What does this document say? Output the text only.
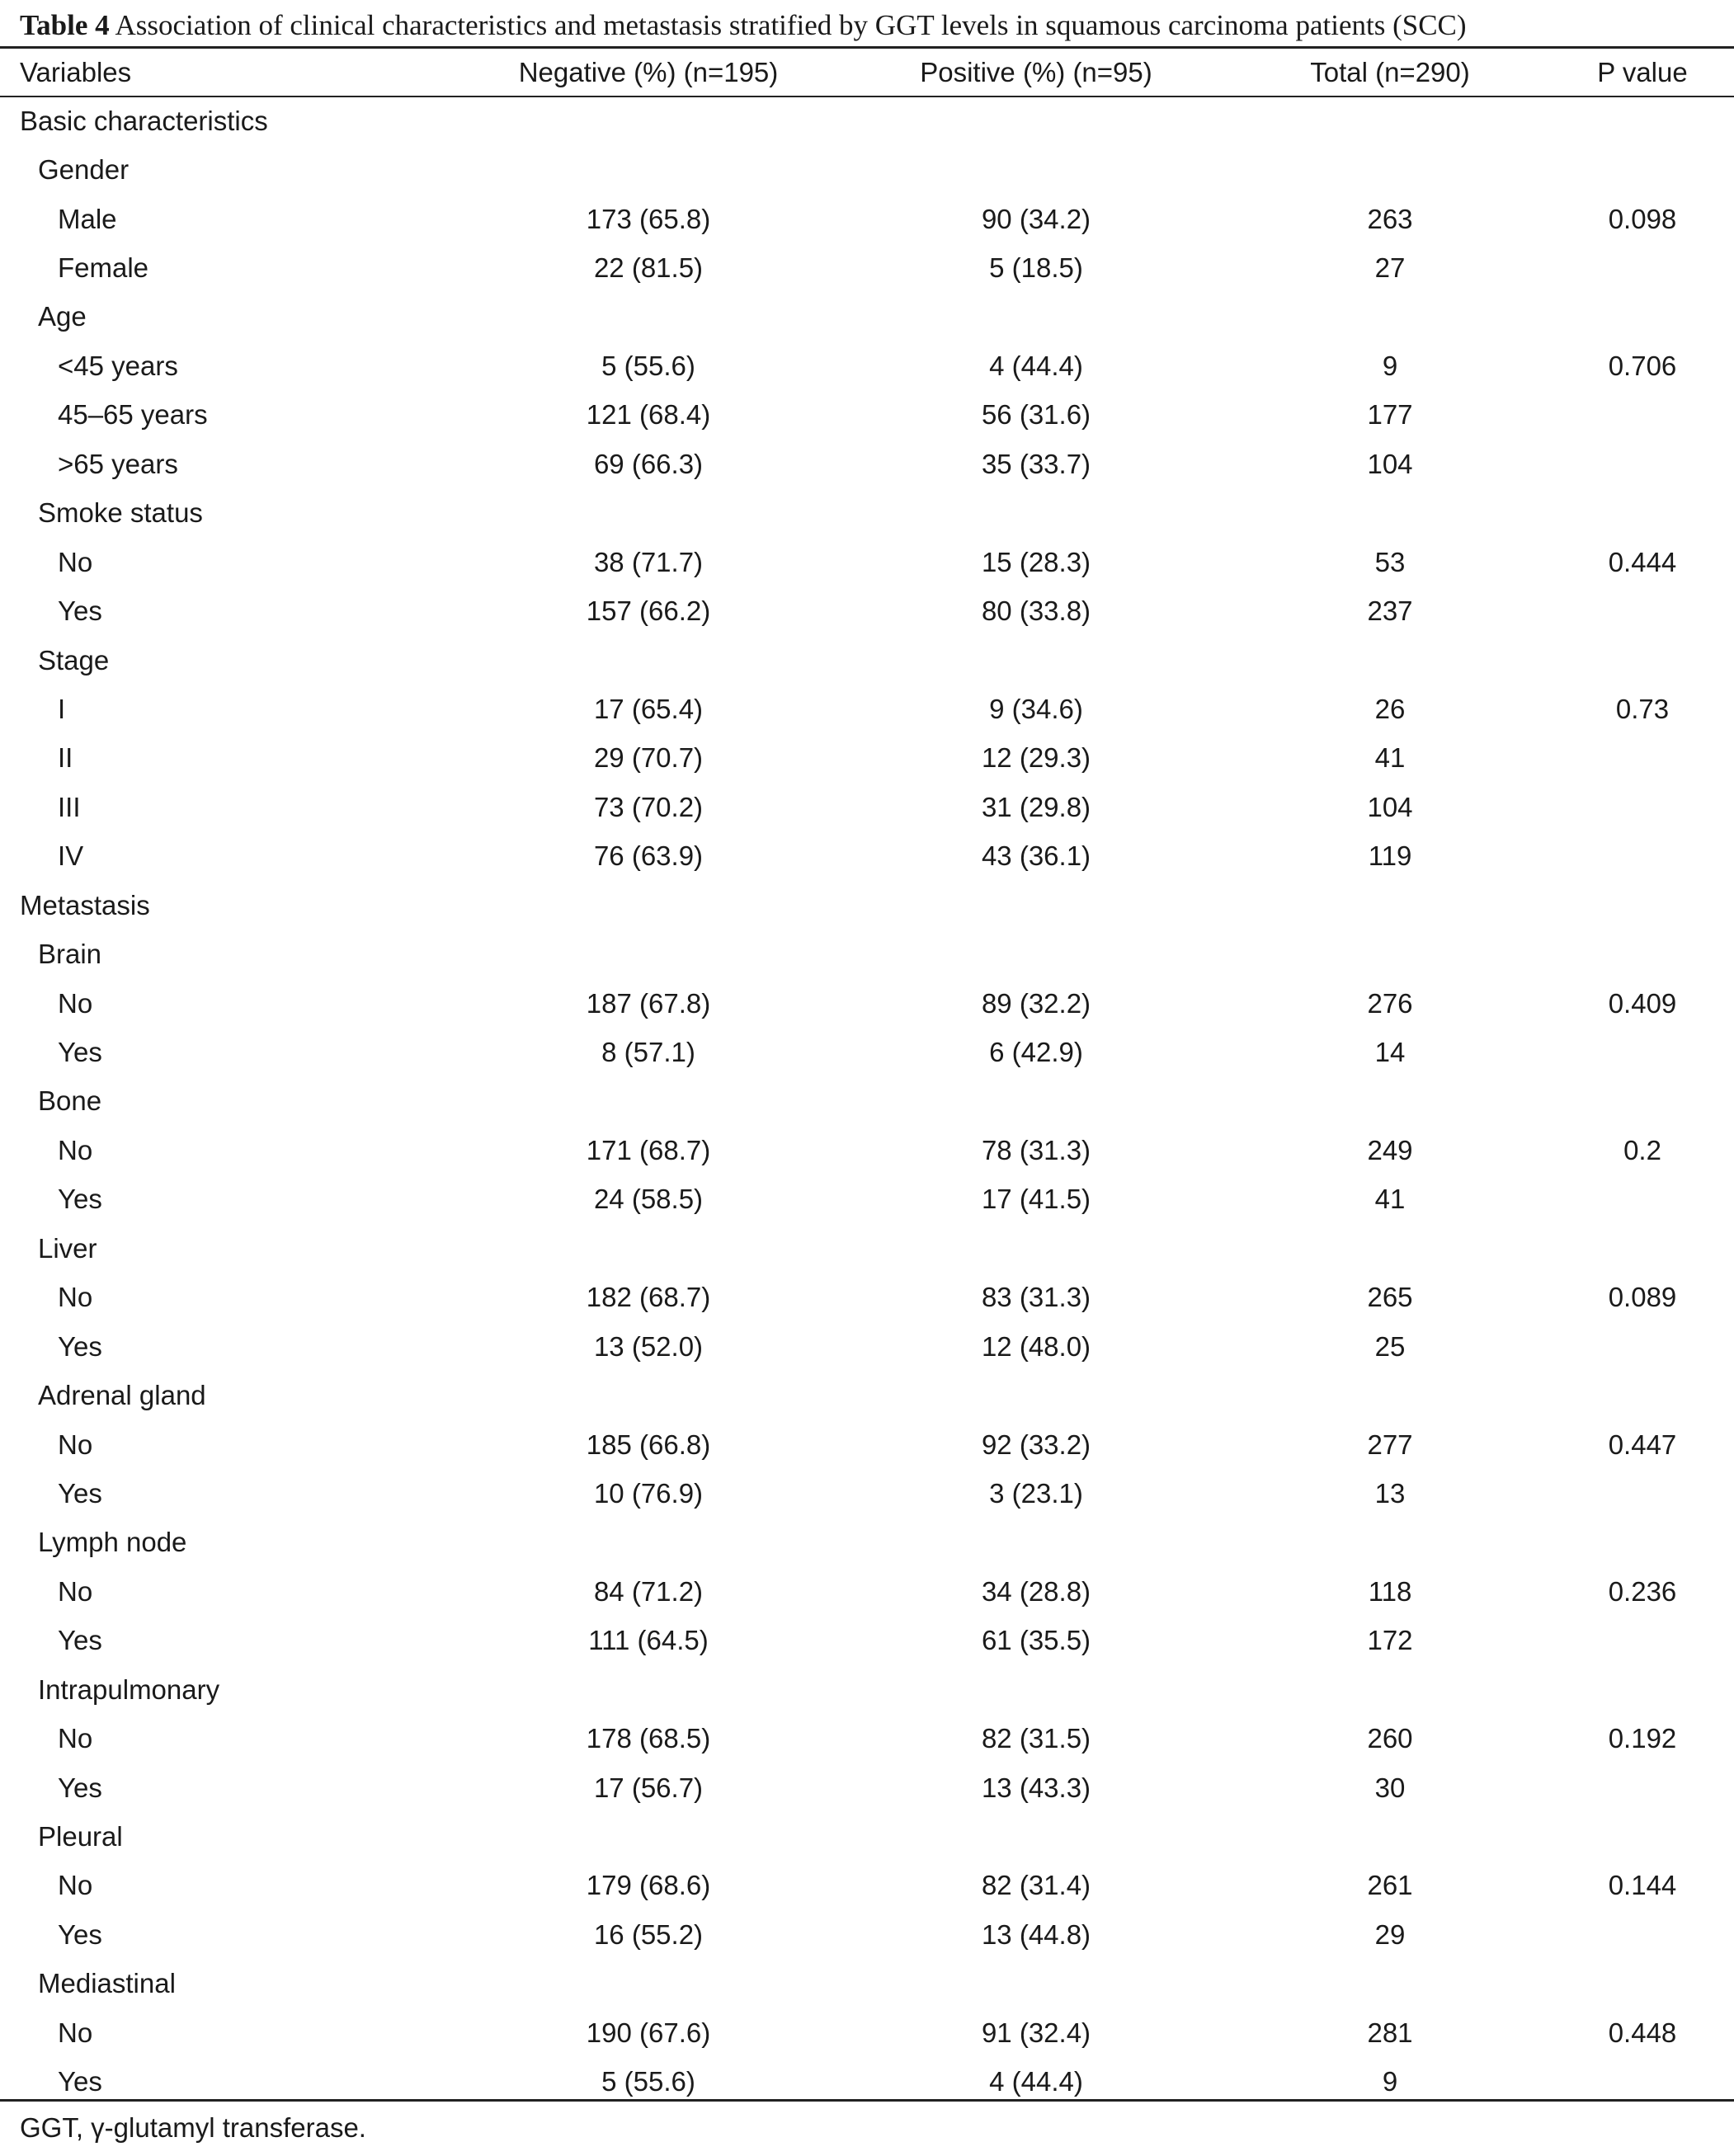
Table 4 Association of clinical characteristics and metastasis stratified by GGT levels in squamous carcinoma patients (SCC)
Variables	Negative (%) (n=195)	Positive (%) (n=95)	Total (n=290)	P value
Basic characteristics				
Gender				
Male	173 (65.8)	90 (34.2)	263	0.098
Female	22 (81.5)	5 (18.5)	27	
Age				
<45 years	5 (55.6)	4 (44.4)	9	0.706
45–65 years	121 (68.4)	56 (31.6)	177	
>65 years	69 (66.3)	35 (33.7)	104	
Smoke status				
No	38 (71.7)	15 (28.3)	53	0.444
Yes	157 (66.2)	80 (33.8)	237	
Stage				
I	17 (65.4)	9 (34.6)	26	0.73
II	29 (70.7)	12 (29.3)	41	
III	73 (70.2)	31 (29.8)	104	
IV	76 (63.9)	43 (36.1)	119	
Metastasis				
Brain				
No	187 (67.8)	89 (32.2)	276	0.409
Yes	8 (57.1)	6 (42.9)	14	
Bone				
No	171 (68.7)	78 (31.3)	249	0.2
Yes	24 (58.5)	17 (41.5)	41	
Liver				
No	182 (68.7)	83 (31.3)	265	0.089
Yes	13 (52.0)	12 (48.0)	25	
Adrenal gland				
No	185 (66.8)	92 (33.2)	277	0.447
Yes	10 (76.9)	3 (23.1)	13	
Lymph node				
No	84 (71.2)	34 (28.8)	118	0.236
Yes	111 (64.5)	61 (35.5)	172	
Intrapulmonary				
No	178 (68.5)	82 (31.5)	260	0.192
Yes	17 (56.7)	13 (43.3)	30	
Pleural				
No	179 (68.6)	82 (31.4)	261	0.144
Yes	16 (55.2)	13 (44.8)	29	
Mediastinal				
No	190 (67.6)	91 (32.4)	281	0.448
Yes	5 (55.6)	4 (44.4)	9	
GGT, γ-glutamyl transferase.
